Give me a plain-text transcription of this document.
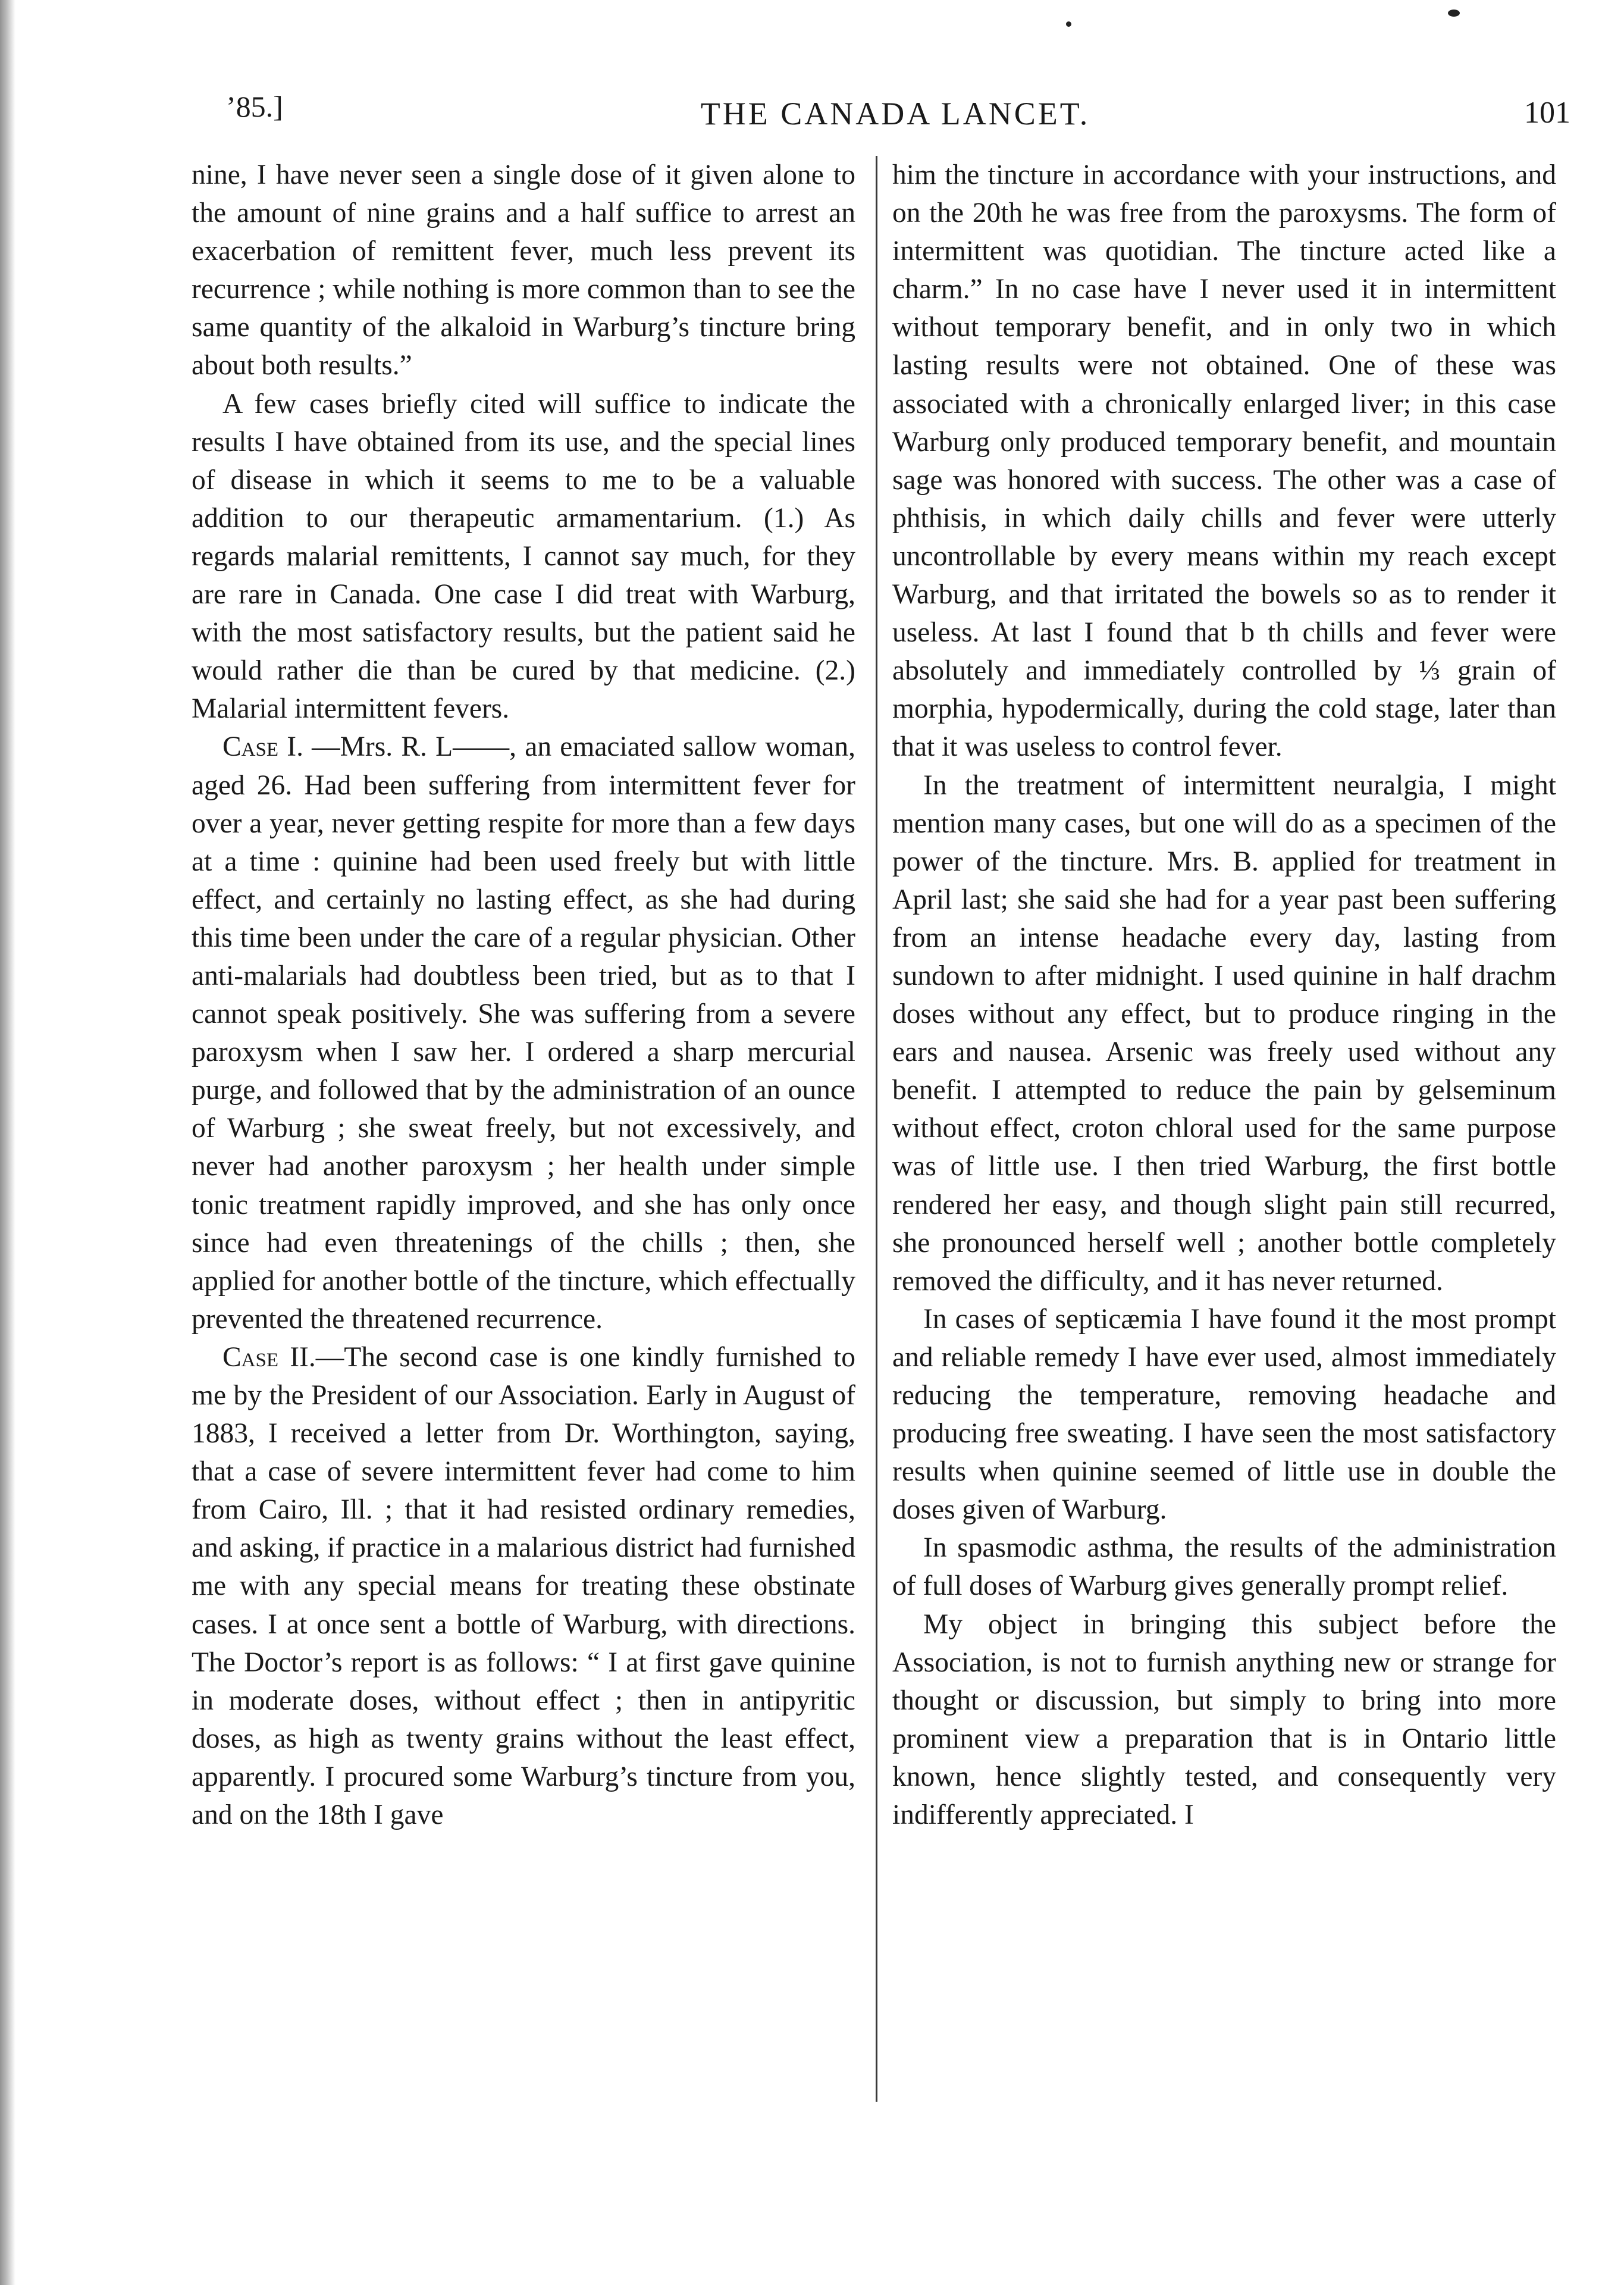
’85.]	THE CANADA LANCET.	101

nine, I have never seen a single dose of it given alone to the amount of nine grains and a half suffice to arrest an exacerbation of remittent fever, much less prevent its recurrence ; while nothing is more common than to see the same quantity of the alkaloid in Warburg’s tincture bring about both results.”

A few cases briefly cited will suffice to indicate the results I have obtained from its use, and the special lines of disease in which it seems to me to be a valuable addition to our therapeutic armamentarium. (1.) As regards malarial remittents, I cannot say much, for they are rare in Canada. One case I did treat with Warburg, with the most satisfactory results, but the patient said he would rather die than be cured by that medicine. (2.) Malarial intermittent fevers.

Case I. —Mrs. R. L——, an emaciated sallow woman, aged 26. Had been suffering from intermittent fever for over a year, never getting respite for more than a few days at a time : quinine had been used freely but with little effect, and certainly no lasting effect, as she had during this time been under the care of a regular physician. Other anti-malarials had doubtless been tried, but as to that I cannot speak positively. She was suffering from a severe paroxysm when I saw her. I ordered a sharp mercurial purge, and followed that by the administration of an ounce of Warburg ; she sweat freely, but not excessively, and never had another paroxysm ; her health under simple tonic treatment rapidly improved, and she has only once since had even threatenings of the chills ; then, she applied for another bottle of the tincture, which effectually prevented the threatened recurrence.

Case II.—The second case is one kindly furnished to me by the President of our Association. Early in August of 1883, I received a letter from Dr. Worthington, saying, that a case of severe intermittent fever had come to him from Cairo, Ill. ; that it had resisted ordinary remedies, and asking, if practice in a malarious district had furnished me with any special means for treating these obstinate cases. I at once sent a bottle of Warburg, with directions. The Doctor’s report is as follows: “ I at first gave quinine in moderate doses, without effect ; then in antipyritic doses, as high as twenty grains without the least effect, apparently. I procured some Warburg’s tincture from you, and on the 18th I gave

him the tincture in accordance with your instructions, and on the 20th he was free from the paroxysms. The form of intermittent was quotidian. The tincture acted like a charm.” In no case have I never used it in intermittent without temporary benefit, and in only two in which lasting results were not obtained. One of these was associated with a chronically enlarged liver; in this case Warburg only produced temporary benefit, and mountain sage was honored with success. The other was a case of phthisis, in which daily chills and fever were utterly uncontrollable by every means within my reach except Warburg, and that irritated the bowels so as to render it useless. At last I found that b th chills and fever were absolutely and immediately controlled by ⅓ grain of morphia, hypodermically, during the cold stage, later than that it was useless to control fever.

In the treatment of intermittent neuralgia, I might mention many cases, but one will do as a specimen of the power of the tincture. Mrs. B. applied for treatment in April last; she said she had for a year past been suffering from an intense headache every day, lasting from sundown to after midnight. I used quinine in half drachm doses without any effect, but to produce ringing in the ears and nausea. Arsenic was freely used without any benefit. I attempted to reduce the pain by gelseminum without effect, croton chloral used for the same purpose was of little use. I then tried Warburg, the first bottle rendered her easy, and though slight pain still recurred, she pronounced herself well ; another bottle completely removed the difficulty, and it has never returned.

In cases of septicæmia I have found it the most prompt and reliable remedy I have ever used, almost immediately reducing the temperature, removing headache and producing free sweating. I have seen the most satisfactory results when quinine seemed of little use in double the doses given of Warburg.

In spasmodic asthma, the results of the administration of full doses of Warburg gives generally prompt relief.

My object in bringing this subject before the Association, is not to furnish anything new or strange for thought or discussion, but simply to bring into more prominent view a preparation that is in Ontario little known, hence slightly tested, and consequently very indifferently appreciated. I
